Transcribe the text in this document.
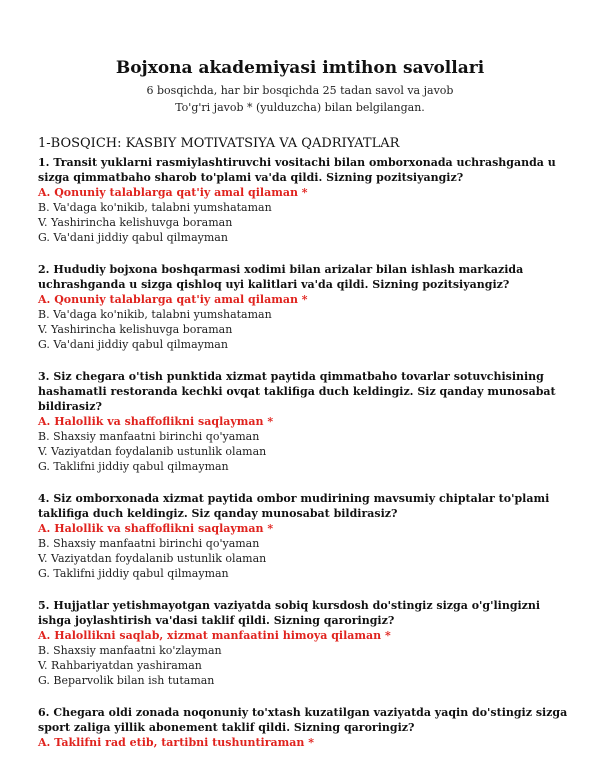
Bojxona akademiyasi imtihon savollari
6 bosqichda, har bir bosqichda 25 tadan savol va javob
To'g'ri javob * (yulduzcha) bilan belgilangan.
1-BOSQICH: KASBIY MOTIVATSIYA VA QADRIYATLAR

1. Transit yuklarni rasmiylashtiruvchi vositachi bilan omborxonada uchrashganda u sizga qimmatbaho sharob to'plami va'da qildi. Sizning pozitsiyangiz?

A. Qonuniy talablarga qat'iy amal qilaman *

B. Va'daga ko'nikib, talabni yumshataman

V. Yashirincha kelishuvga boraman

G. Va'dani jiddiy qabul qilmayman

2. Hududiy bojxona boshqarmasi xodimi bilan arizalar bilan ishlash markazida uchrashganda u sizga qishloq uyi kalitlari va'da qildi. Sizning pozitsiyangiz?

A. Qonuniy talablarga qat'iy amal qilaman *

B. Va'daga ko'nikib, talabni yumshataman

V. Yashirincha kelishuvga boraman

G. Va'dani jiddiy qabul qilmayman

3. Siz chegara o'tish punktida xizmat paytida qimmatbaho tovarlar sotuvchisining hashamatli restoranda kechki ovqat taklifiga duch keldingiz. Siz qanday munosabat bildirasiz?

A. Halollik va shaffoflikni saqlayman *

B. Shaxsiy manfaatni birinchi qo'yaman

V. Vaziyatdan foydalanib ustunlik olaman

G. Taklifni jiddiy qabul qilmayman

4. Siz omborxonada xizmat paytida ombor mudirining mavsumiy chiptalar to'plami taklifiga duch keldingiz. Siz qanday munosabat bildirasiz?

A. Halollik va shaffoflikni saqlayman *

B. Shaxsiy manfaatni birinchi qo'yaman

V. Vaziyatdan foydalanib ustunlik olaman

G. Taklifni jiddiy qabul qilmayman

5. Hujjatlar yetishmayotgan vaziyatda sobiq kursdosh do'stingiz sizga o'g'lingizni ishga joylashtirish va'dasi taklif qildi. Sizning qaroringiz?

A. Halollikni saqlab, xizmat manfaatini himoya qilaman *

B. Shaxsiy manfaatni ko'zlayman

V. Rahbariyatdan yashiraman

G. Beparvolik bilan ish tutaman

6. Chegara oldi zonada noqonuniy to'xtash kuzatilgan vaziyatda yaqin do'stingiz sizga sport zaliga yillik abonement taklif qildi. Sizning qaroringiz?

A. Taklifni rad etib, tartibni tushuntiraman *
